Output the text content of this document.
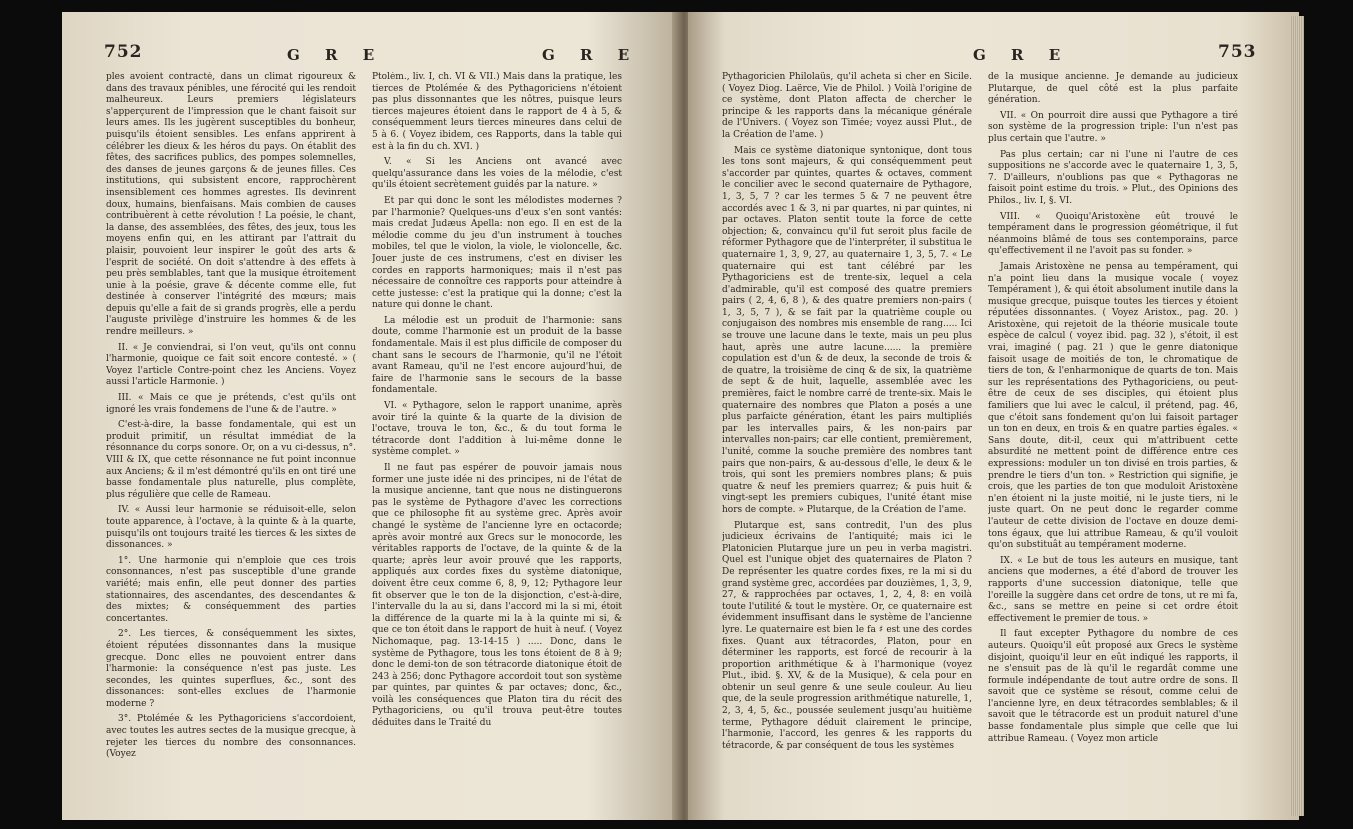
752	G R E	G R E

ples avoient contracté, dans un climat rigoureux & dans des travaux pénibles, une férocité qui les rendoit malheureux. Leurs premiers législateurs s'apperçurent de l'impression que le chant faisoit sur leurs ames. Ils les jugèrent susceptibles du bonheur, puisqu'ils étoient sensibles. Les enfans apprirent à célébrer les dieux & les héros du pays. On établit des fêtes, des sacrifices publics, des pompes solemnelles, des danses de jeunes garçons & de jeunes filles. Ces institutions, qui subsistent encore, rapprochèrent insensiblement ces hommes agrestes. Ils devinrent doux, humains, bienfaisans. Mais combien de causes contribuèrent à cette révolution ! La poésie, le chant, la danse, des assemblées, des fêtes, des jeux, tous les moyens enfin qui, en les attirant par l'attrait du plaisir, pouvoient leur inspirer le goût des arts & l'esprit de société. On doit s'attendre à des effets à peu près semblables, tant que la musique étroitement unie à la poésie, grave & décente comme elle, fut destinée à conserver l'intégrité des mœurs; mais depuis qu'elle a fait de si grands progrès, elle a perdu l'auguste privilège d'instruire les hommes & de les rendre meilleurs. »

II. « Je conviendrai, si l'on veut, qu'ils ont connu l'harmonie, quoique ce fait soit encore contesté. » ( Voyez l'article Contre-point chez les Anciens. Voyez aussi l'article Harmonie. )

III. « Mais ce que je prétends, c'est qu'ils ont ignoré les vrais fondemens de l'une & de l'autre. »

C'est-à-dire, la basse fondamentale, qui est un produit primitif, un résultat immédiat de la résonnance du corps sonore. Or, on a vu ci-dessus, n°. VIII & IX, que cette résonnance ne fut point inconnue aux Anciens; & il m'est démontré qu'ils en ont tiré une basse fondamentale plus naturelle, plus complète, plus régulière que celle de Rameau.

IV. « Aussi leur harmonie se réduisoit-elle, selon toute apparence, à l'octave, à la quinte & à la quarte, puisqu'ils ont toujours traité les tierces & les sixtes de dissonances. »

1°. Une harmonie qui n'emploie que ces trois consonnances, n'est pas susceptible d'une grande variété; mais enfin, elle peut donner des parties stationnaires, des ascendantes, des descendantes & des mixtes; & conséquemment des parties concertantes.

2°. Les tierces, & conséquemment les sixtes, étoient réputées dissonnantes dans la musique grecque. Donc elles ne pouvoient entrer dans l'harmonie: la conséquence n'est pas juste. Les secondes, les quintes superflues, &c., sont des dissonances: sont-elles exclues de l'harmonie moderne ?

3°. Ptolémée & les Pythagoriciens s'accordoient, avec toutes les autres sectes de la musique grecque, à rejeter les tierces du nombre des consonnances. (Voyez

Ptolém., liv. I, ch. VI & VII.) Mais dans la pratique, les tierces de Ptolémée & des Pythagoriciens n'étoient pas plus dissonnantes que les nôtres, puisque leurs tierces majeures étoient dans le rapport de 4 à 5, & conséquemment leurs tierces mineures dans celui de 5 à 6. ( Voyez ibidem, ces Rapports, dans la table qui est à la fin du ch. XVI. )

V. « Si les Anciens ont avancé avec quelqu'assurance dans les voies de la mélodie, c'est qu'ils étoient secrètement guidés par la nature. »

Et par qui donc le sont les mélodistes modernes ? par l'harmonie? Quelques-uns d'eux s'en sont vantés: mais credat Judæus Apella: non ego. Il en est de la mélodie comme du jeu d'un instrument à touches mobiles, tel que le violon, la viole, le violoncelle, &c. Jouer juste de ces instrumens, c'est en diviser les cordes en rapports harmoniques; mais il n'est pas nécessaire de connoître ces rapports pour atteindre à cette justesse: c'est la pratique qui la donne; c'est la nature qui donne le chant.

La mélodie est un produit de l'harmonie: sans doute, comme l'harmonie est un produit de la basse fondamentale. Mais il est plus difficile de composer du chant sans le secours de l'harmonie, qu'il ne l'étoit avant Rameau, qu'il ne l'est encore aujourd'hui, de faire de l'harmonie sans le secours de la basse fondamentale.

VI. « Pythagore, selon le rapport unanime, après avoir tiré la quinte & la quarte de la division de l'octave, trouva le ton, &c., & du tout forma le tétracorde dont l'addition à lui-même donne le système complet. »

Il ne faut pas espérer de pouvoir jamais nous former une juste idée ni des principes, ni de l'état de la musique ancienne, tant que nous ne distinguerons pas le système de Pythagore d'avec les corrections que ce philosophe fit au système grec. Après avoir changé le système de l'ancienne lyre en octacorde; après avoir montré aux Grecs sur le monocorde, les véritables rapports de l'octave, de la quinte & de la quarte; après leur avoir prouvé que les rapports, appliqués aux cordes fixes du système diatonique, doivent être ceux comme 6, 8, 9, 12; Pythagore leur fit observer que le ton de la disjonction, c'est-à-dire, l'intervalle du la au si, dans l'accord mi la si mi, étoit la différence de la quarte mi la à la quinte mi si, & que ce ton étoit dans le rapport de huit à neuf. ( Voyez Nichomaque, pag. 13-14-15 ) ..... Donc, dans le système de Pythagore, tous les tons étoient de 8 à 9; donc le demi-ton de son tétracorde diatonique étoit de 243 à 256; donc Pythagore accordoit tout son système par quintes, par quintes & par octaves; donc, &c., voilà les conséquences que Platon tira du récit des Pythagoriciens, ou qu'il trouva peut-être toutes déduites dans le Traité du

G R E	753

Pythagoricien Philolaüs, qu'il acheta si cher en Sicile. ( Voyez Diog. Laërce, Vie de Philol. ) Voilà l'origine de ce système, dont Platon affecta de chercher le principe & les rapports dans la mécanique générale de l'Univers. ( Voyez son Timée; voyez aussi Plut., de la Création de l'ame. )

Mais ce système diatonique syntonique, dont tous les tons sont majeurs, & qui conséquemment peut s'accorder par quintes, quartes & octaves, comment le concilier avec le second quaternaire de Pythagore, 1, 3, 5, 7 ? car les termes 5 & 7 ne peuvent être accordés avec 1 & 3, ni par quartes, ni par quintes, ni par octaves. Platon sentit toute la force de cette objection; &, convaincu qu'il fut seroit plus facile de réformer Pythagore que de l'interpréter, il substitua le quaternaire 1, 3, 9, 27, au quaternaire 1, 3, 5, 7. « Le quaternaire qui est tant célébré par les Pythagoriciens est de trente-six, lequel a cela d'admirable, qu'il est composé des quatre premiers pairs ( 2, 4, 6, 8 ), & des quatre premiers non-pairs ( 1, 3, 5, 7 ), & se fait par la quatrième couple ou conjugaison des nombres mis ensemble de rang..... Ici se trouve une lacune dans le texte, mais un peu plus haut, après une autre lacune...... la première copulation est d'un & de deux, la seconde de trois & de quatre, la troisième de cinq & de six, la quatrième de sept & de huit, laquelle, assemblée avec les premières, faict le nombre carré de trente-six. Mais le quaternaire des nombres que Platon a posés a une plus parfaicte génération, étant les pairs multipliés par les intervalles pairs, & les non-pairs par intervalles non-pairs; car elle contient, premièrement, l'unité, comme la souche première des nombres tant pairs que non-pairs, & au-dessous d'elle, le deux & le trois, qui sont les premiers nombres plans; & puis quatre & neuf les premiers quarrez; & puis huit & vingt-sept les premiers cubiques, l'unité étant mise hors de compte. » Plutarque, de la Création de l'ame.

Plutarque est, sans contredit, l'un des plus judicieux écrivains de l'antiquité; mais ici le Platonicien Plutarque jure un peu in verba magistri. Quel est l'unique objet des quaternaires de Platon ? De représenter les quatre cordes fixes, re la mi si du grand système grec, accordées par douzièmes, 1, 3, 9, 27, & rapprochées par octaves, 1, 2, 4, 8: en voilà toute l'utilité & tout le mystère. Or, ce quaternaire est évidemment insuffisant dans le système de l'ancienne lyre. Le quaternaire est bien le fa ♯ est une des cordes fixes. Quant aux tétracordes, Platon, pour en déterminer les rapports, est forcé de recourir à la proportion arithmétique & à l'harmonique (voyez Plut., ibid. §. XV, & de la Musique), & cela pour en obtenir un seul genre & une seule couleur. Au lieu que, de la seule progression arithmétique naturelle, 1, 2, 3, 4, 5, &c., poussée seulement jusqu'au huitième terme, Pythagore déduit clairement le principe, l'harmonie, l'accord, les genres & les rapports du tétracorde, & par conséquent de tous les systèmes

de la musique ancienne. Je demande au judicieux Plutarque, de quel côté est la plus parfaite génération.

VII. « On pourroit dire aussi que Pythagore a tiré son système de la progression triple: l'un n'est pas plus certain que l'autre. »

Pas plus certain; car ni l'une ni l'autre de ces suppositions ne s'accorde avec le quaternaire 1, 3, 5, 7. D'ailleurs, n'oublions pas que « Pythagoras ne faisoit point estime du trois. » Plut., des Opinions des Philos., liv. I, §. VI.

VIII. « Quoiqu'Aristoxène eût trouvé le tempérament dans le progression géométrique, il fut néanmoins blâmé de tous ses contemporains, parce qu'effectivement il ne l'avoit pas su fonder. »

Jamais Aristoxène ne pensa au tempérament, qui n'a point lieu dans la musique vocale ( voyez Tempérament ), & qui étoit absolument inutile dans la musique grecque, puisque toutes les tierces y étoient réputées dissonnantes. ( Voyez Aristox., pag. 20. ) Aristoxène, qui rejetoit de la théorie musicale toute espèce de calcul ( voyez ibid. pag. 32 ), s'étoit, il est vrai, imaginé ( pag. 21 ) que le genre diatonique faisoit usage de moitiés de ton, le chromatique de tiers de ton, & l'enharmonique de quarts de ton. Mais sur les représentations des Pythagoriciens, ou peut-être de ceux de ses disciples, qui étoient plus familiers que lui avec le calcul, il prétend, pag. 46, que c'étoit sans fondement qu'on lui faisoit partager un ton en deux, en trois & en quatre parties égales. « Sans doute, dit-il, ceux qui m'attribuent cette absurdité ne mettent point de différence entre ces expressions: moduler un ton divisé en trois parties, & prendre le tiers d'un ton. » Restriction qui signifie, je crois, que les parties de ton que moduloit Aristoxène n'en étoient ni la juste moitié, ni le juste tiers, ni le juste quart. On ne peut donc le regarder comme l'auteur de cette division de l'octave en douze demi-tons égaux, que lui attribue Rameau, & qu'il vouloit qu'on substituât au tempérament moderne.

IX. « Le but de tous les auteurs en musique, tant anciens que modernes, a été d'abord de trouver les rapports d'une succession diatonique, telle que l'oreille la suggère dans cet ordre de tons, ut re mi fa, &c., sans se mettre en peine si cet ordre étoit effectivement le premier de tous. »

Il faut excepter Pythagore du nombre de ces auteurs. Quoiqu'il eût proposé aux Grecs le système disjoint, quoiqu'il leur en eût indiqué les rapports, il ne s'ensuit pas de là qu'il le regardât comme une formule indépendante de tout autre ordre de sons. Il savoit que ce système se résout, comme celui de l'ancienne lyre, en deux tétracordes semblables; & il savoit que le tétracorde est un produit naturel d'une basse fondamentale plus simple que celle que lui attribue Rameau. ( Voyez mon article
